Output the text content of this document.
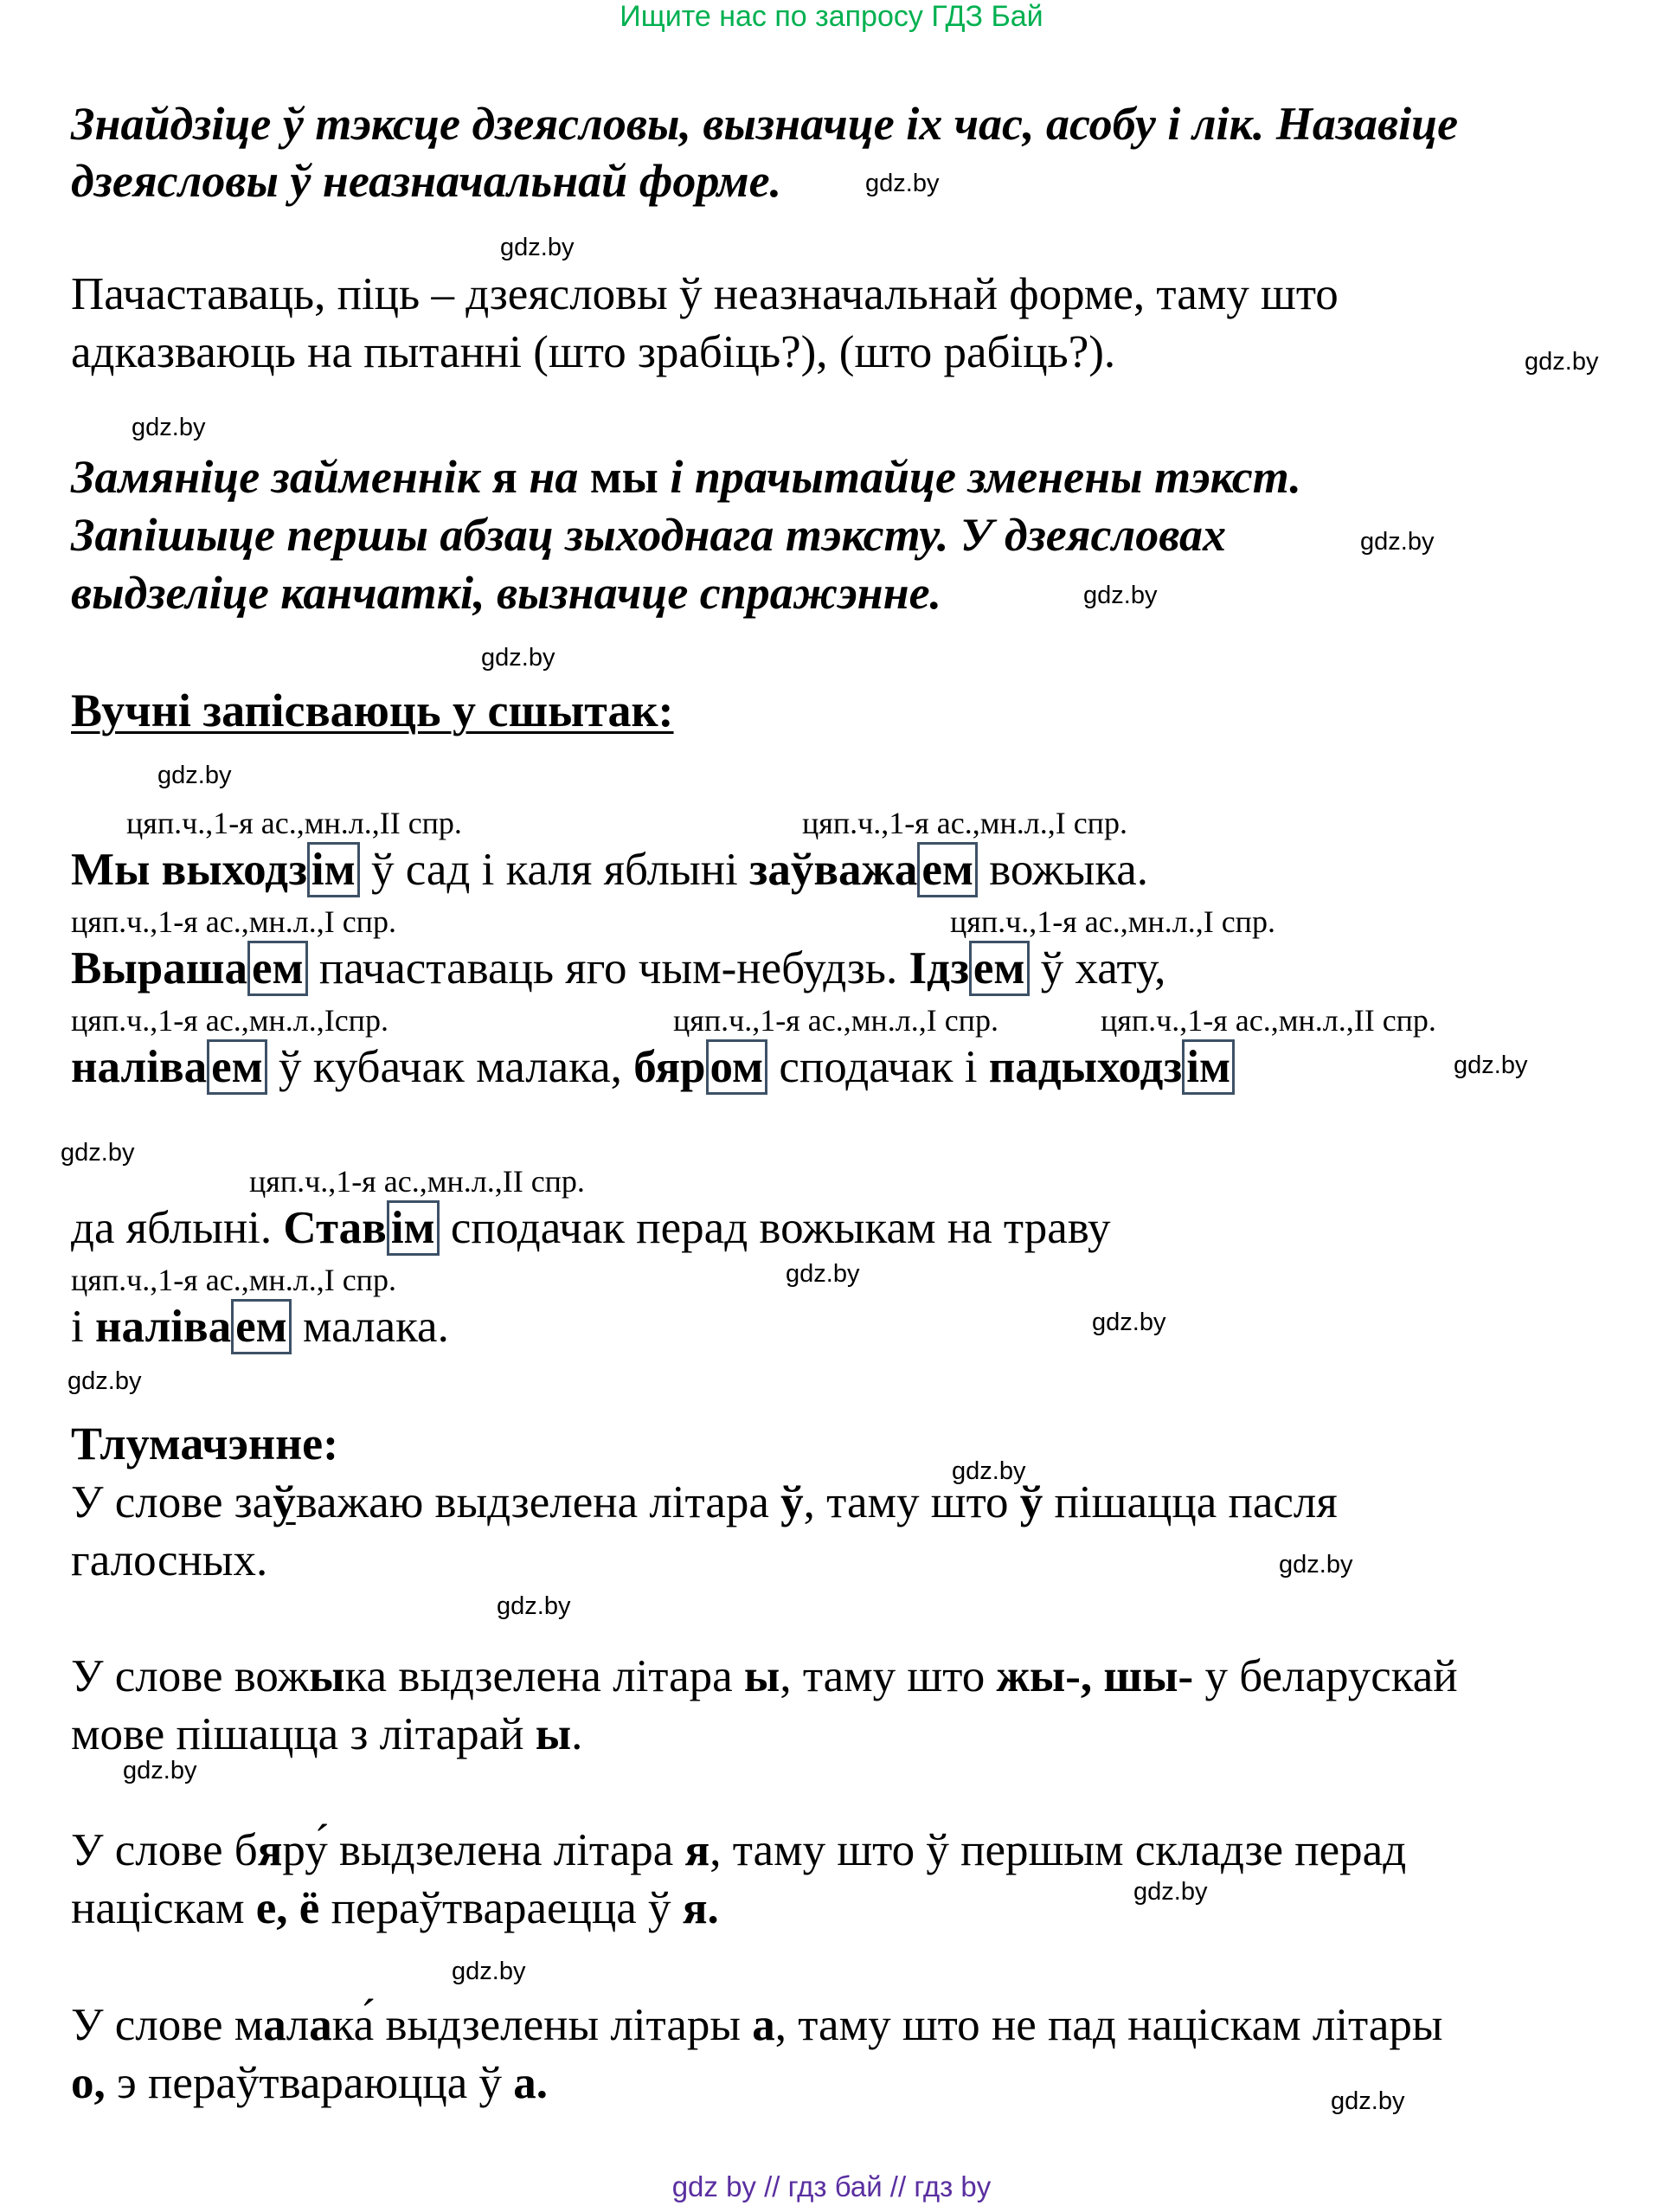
Ищите нас по запросу ГДЗ Бай
Знайдзіце ў тэксце дзеясловы, вызначце іх час, асобу і лік. Назавіце
дзеясловы ў неазначальнай форме.	gdz.by
gdz.by
Пачаставаць, піць – дзеясловы ў неазначальнай форме, таму што
адказваюць на пытанні (што зрабіць?), (што рабіць?).	gdz.by
gdz.by
Замяніце займеннік я на мы і прачытайце зменены тэкст.
Запішыце першы абзац зыходнага тэксту. У дзеясловах	gdz.by
выдзеліце канчаткі, вызначце спражэнне.	gdz.by
gdz.by
Вучні запісваюць у сшытак:
gdz.by
цяп.ч.,1-я ас.,мн.л.,II спр.	цяп.ч.,1-я ас.,мн.л.,I спр.
Мы выходзім ў сад і каля яблыні заўважаем вожыка.
цяп.ч.,1-я ас.,мн.л.,I спр.	цяп.ч.,1-я ас.,мн.л.,I спр.
Вырашаем пачаставаць яго чым-небудзь. Ідзем ў хату,
цяп.ч.,1-я ас.,мн.л.,Iспр.	цяп.ч.,1-я ас.,мн.л.,I спр.	цяп.ч.,1-я ас.,мн.л.,II спр.
наліваем ў кубачак малака, бяром сподачак і падыходзім	gdz.by
gdz.by
цяп.ч.,1-я ас.,мн.л.,II спр.
да яблыні. Ставім сподачак перад вожыкам на траву
gdz.by
цяп.ч.,1-я ас.,мн.л.,I спр.
і наліваем малака.	gdz.by
gdz.by
Тлумачэнне:
gdz.by
У слове заўважаю выдзелена літара ў, таму што ў пішацца пасля
галосных.	gdz.by
gdz.by
У слове вожыка выдзелена літара ы, таму што жы-, шы- у беларускай
мове пішацца з літарай ы.
gdz.by
У слове бяру́ выдзелена літара я, таму што ў першым складзе перад
націскам е, ё пераўтвараецца ў я.	gdz.by
gdz.by
У слове малака́ выдзелены літары а, таму што не пад націскам літары
о, э пераўтвараюцца ў а.	gdz.by
gdz by // гдз бай // гдз by
